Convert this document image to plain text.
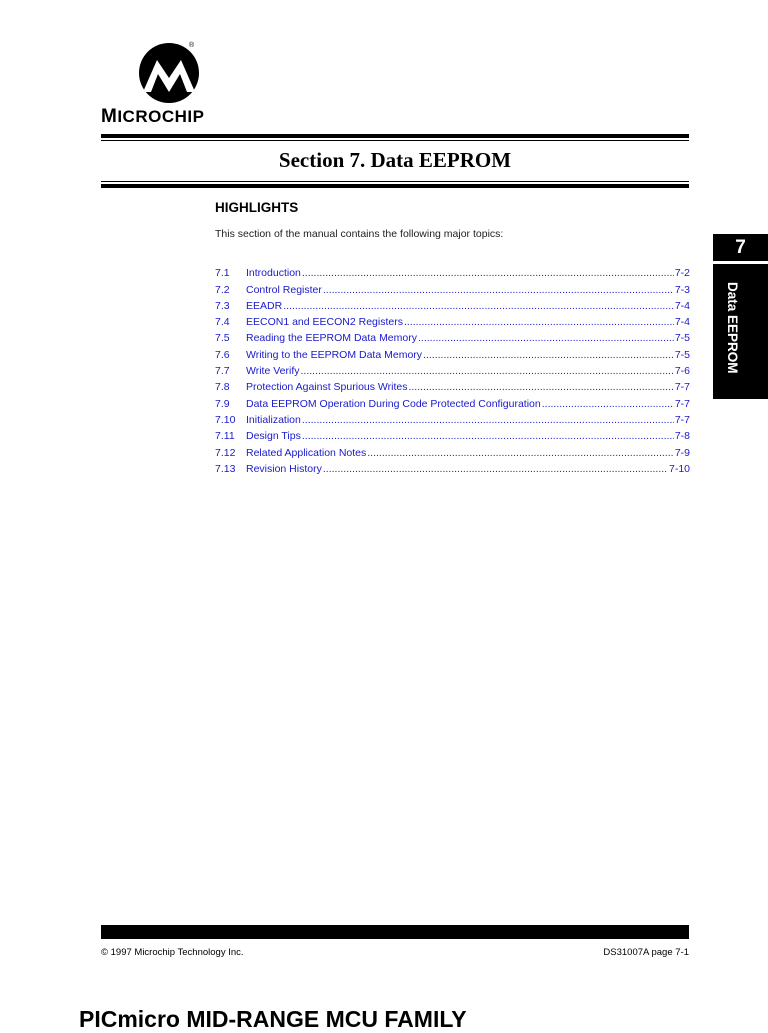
®
MICROCHIP
Section 7. Data EEPROM
HIGHLIGHTS
This section of the manual contains the following major topics:
7.1	Introduction .....	7-2
7.2	Control Register .....	7-3
7.3	EEADR .....	7-4
7.4	EECON1 and EECON2 Registers .....	7-4
7.5	Reading the EEPROM Data Memory .....	7-5
7.6	Writing to the EEPROM Data Memory .....	7-5
7.7	Write Verify .....	7-6
7.8	Protection Against Spurious Writes .....	7-7
7.9	Data EEPROM Operation During Code Protected Configuration .....	7-7
7.10	Initialization .....	7-7
7.11	Design Tips .....	7-8
7.12	Related Application Notes .....	7-9
7.13	Revision History .....	7-10
7
Data EEPROM
© 1997 Microchip Technology Inc.	DS31007A page 7-1
PICmicro MID-RANGE MCU FAMILY
